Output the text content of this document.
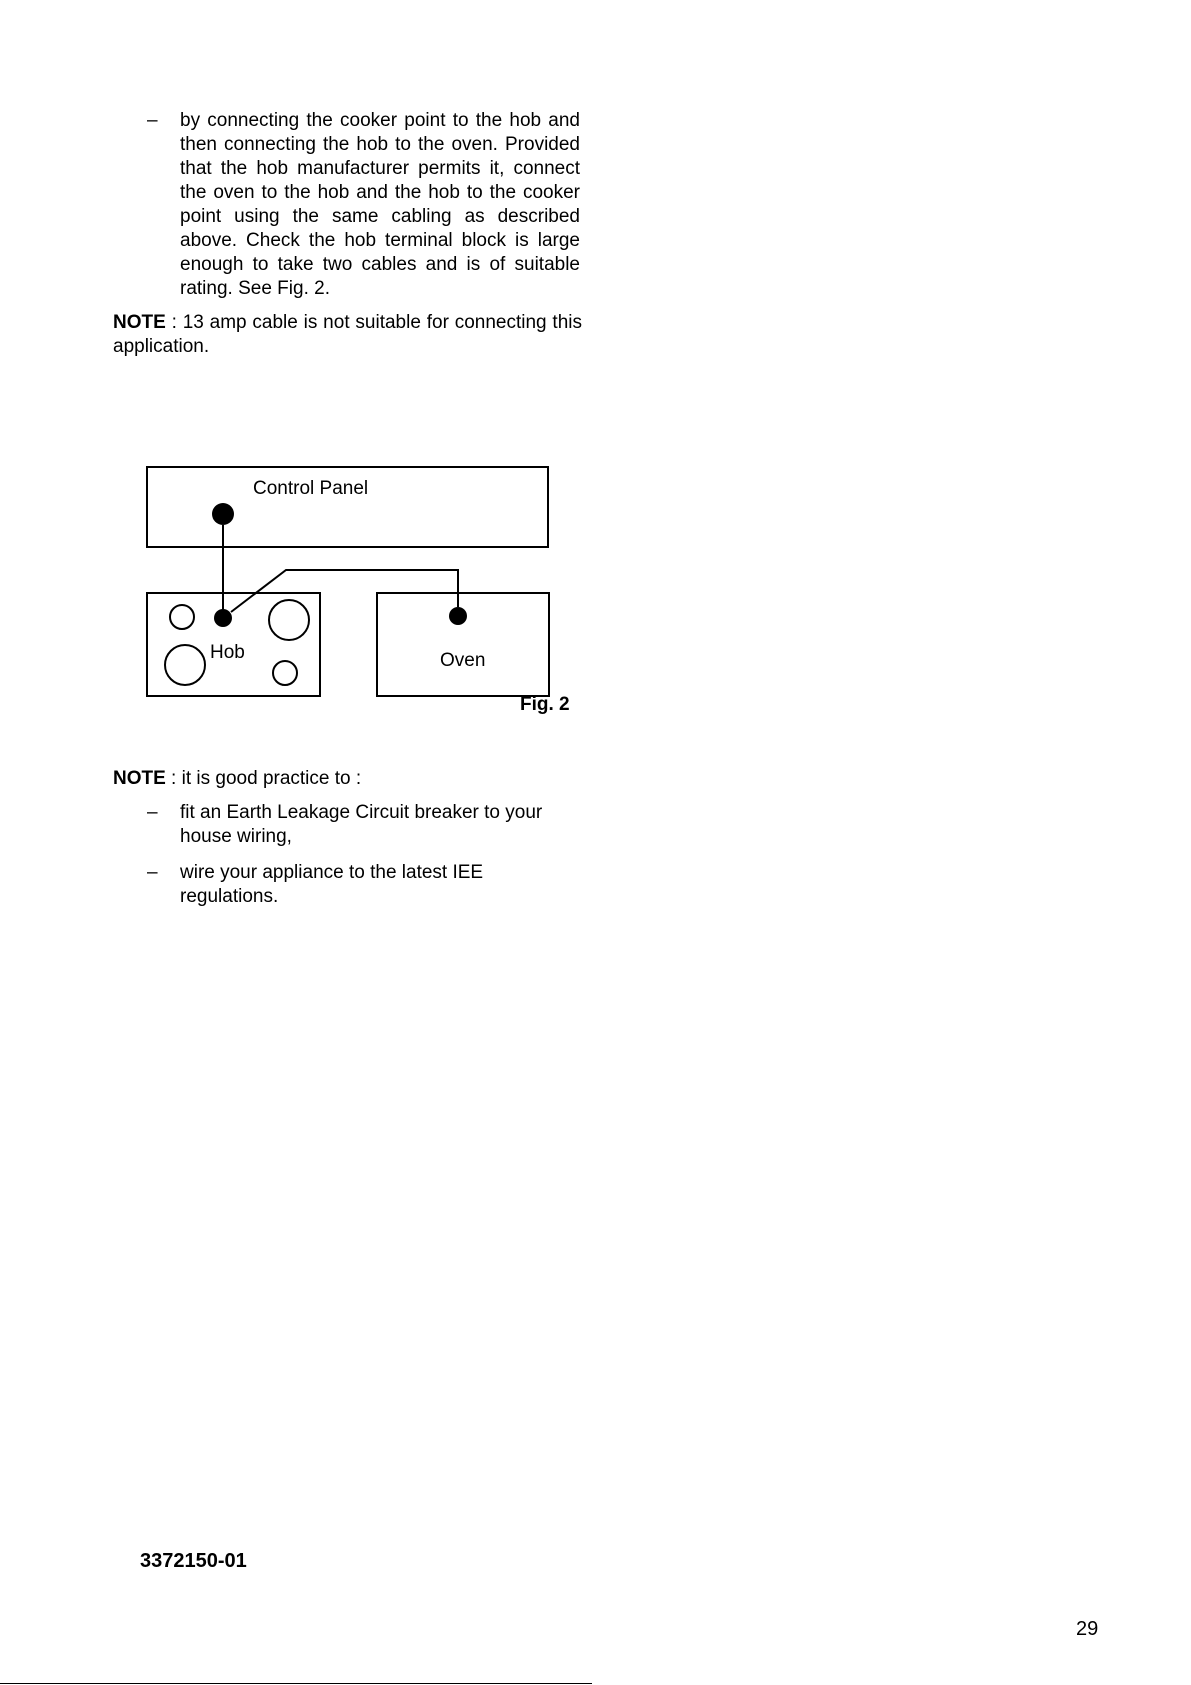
– by connecting the cooker point to the hob and then connecting the hob to the oven. Provided that the hob manufacturer permits it, connect the oven to the hob and the hob to the cooker point using the same cabling as described above. Check the hob terminal block is large enough to take two cables and is of suitable rating. See Fig. 2.
NOTE : 13 amp cable is not suitable for connecting this application.
Control Panel
Hob	Oven
Fig. 2
NOTE : it is good practice to :
– fit an Earth Leakage Circuit breaker to your house wiring,
– wire your appliance to the latest IEE regulations.
3372150-01
29
